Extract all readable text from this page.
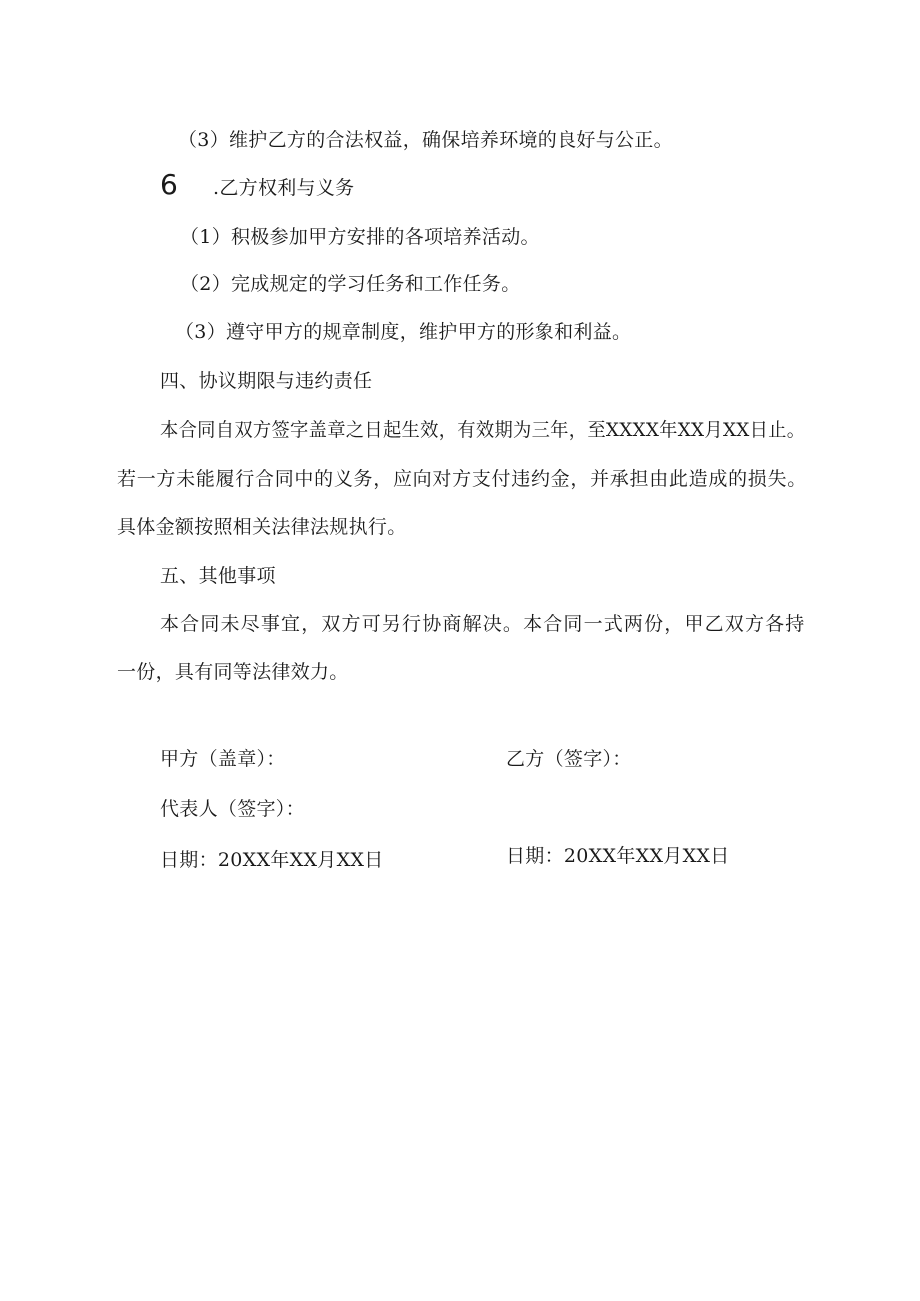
（3）维护乙方的合法权益，确保培养环境的良好与公正。
6 .乙方权利与义务
（1）积极参加甲方安排的各项培养活动。
（2）完成规定的学习任务和工作任务。
（3）遵守甲方的规章制度，维护甲方的形象和利益。
四、协议期限与违约责任
本合同自双方签字盖章之日起生效，有效期为三年，至XXXX年XX月XX日止。
若一方未能履行合同中的义务，应向对方支付违约金，并承担由此造成的损失。
具体金额按照相关法律法规执行。
五、其他事项
本合同未尽事宜，双方可另行协商解决。本合同一式两份，甲乙双方各持
一份，具有同等法律效力。
甲方（盖章）：	乙方（签字）：
代表人（签字）：
日期：20XX年XX月XX日	日期：20XX年XX月XX日
